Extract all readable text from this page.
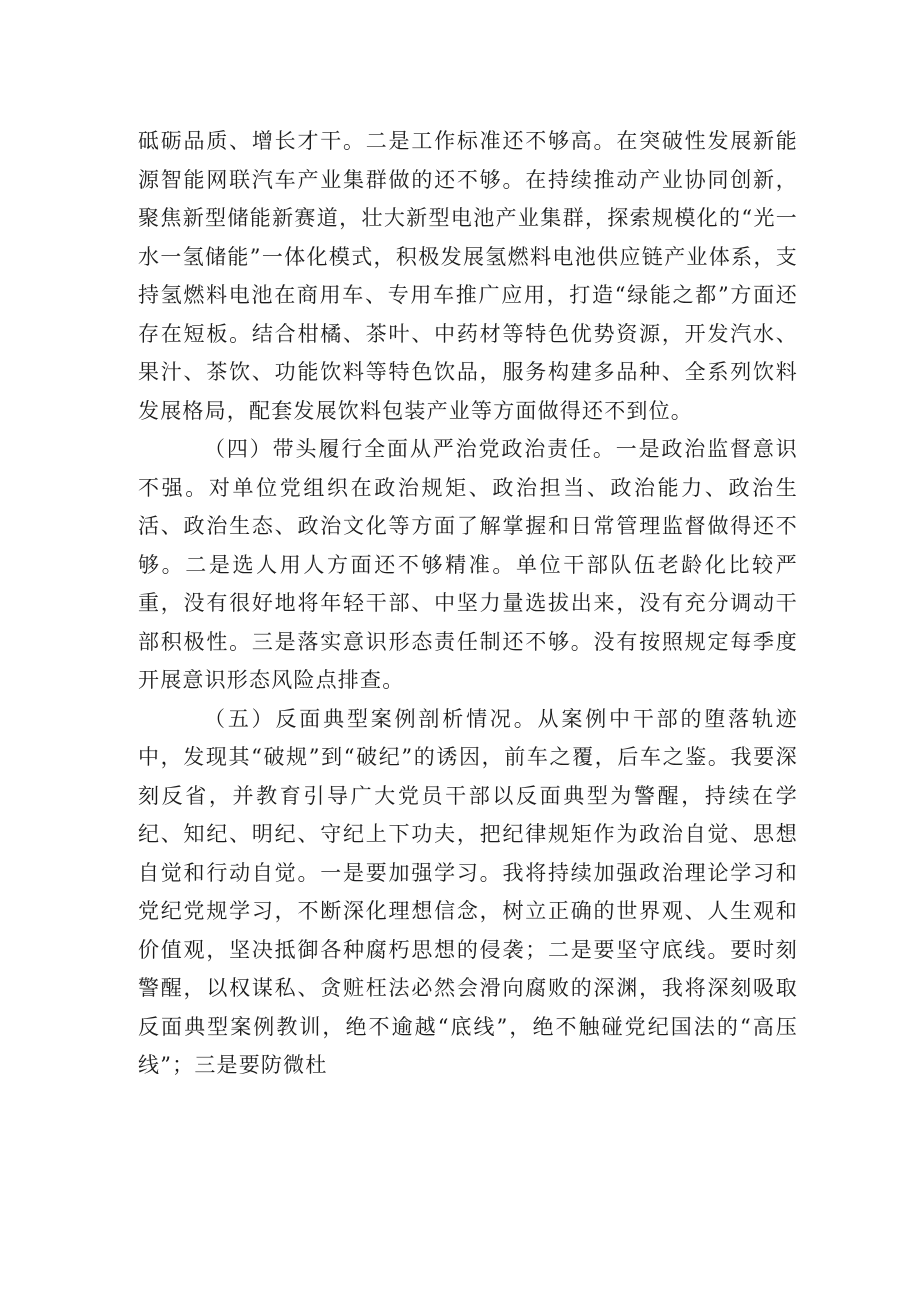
砥砺品质、增长才干。二是工作标准还不够高。在突破性发展新能源智能网联汽车产业集群做的还不够。在持续推动产业协同创新，聚焦新型储能新赛道，壮大新型电池产业集群，探索规模化的“光一水一氢储能”一体化模式，积极发展氢燃料电池供应链产业体系，支持氢燃料电池在商用车、专用车推广应用，打造“绿能之都”方面还存在短板。结合柑橘、茶叶、中药材等特色优势资源，开发汽水、果汁、茶饮、功能饮料等特色饮品，服务构建多品种、全系列饮料发展格局，配套发展饮料包装产业等方面做得还不到位。

（四）带头履行全面从严治党政治责任。一是政治监督意识不强。对单位党组织在政治规矩、政治担当、政治能力、政治生活、政治生态、政治文化等方面了解掌握和日常管理监督做得还不够。二是选人用人方面还不够精准。单位干部队伍老龄化比较严重，没有很好地将年轻干部、中坚力量选拔出来，没有充分调动干部积极性。三是落实意识形态责任制还不够。没有按照规定每季度开展意识形态风险点排查。

（五）反面典型案例剖析情况。从案例中干部的堕落轨迹中，发现其“破规”到“破纪”的诱因，前车之覆，后车之鉴。我要深刻反省，并教育引导广大党员干部以反面典型为警醒，持续在学纪、知纪、明纪、守纪上下功夫，把纪律规矩作为政治自觉、思想自觉和行动自觉。一是要加强学习。我将持续加强政治理论学习和党纪党规学习，不断深化理想信念，树立正确的世界观、人生观和价值观，坚决抵御各种腐朽思想的侵袭；二是要坚守底线。要时刻警醒，以权谋私、贪赃枉法必然会滑向腐败的深渊，我将深刻吸取反面典型案例教训，绝不逾越“底线”，绝不触碰党纪国法的“高压线”；三是要防微杜
